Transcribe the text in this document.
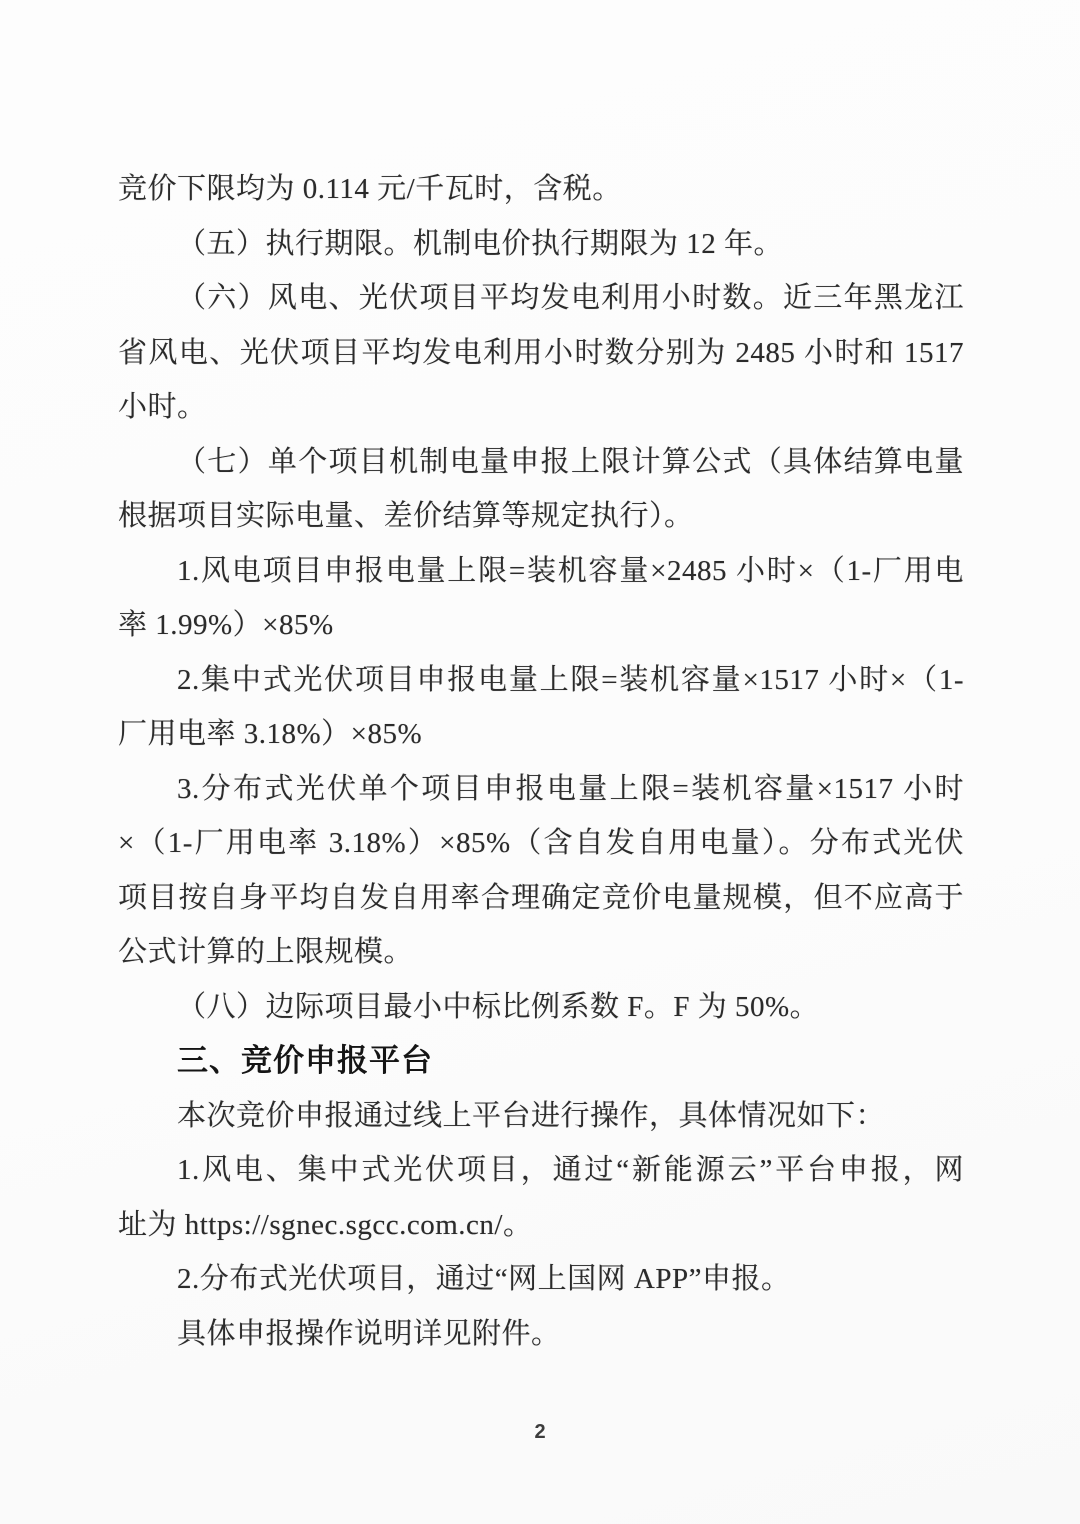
竞价下限均为 0.114 元/千瓦时，含税。
（五）执行期限。机制电价执行期限为 12 年。
（六）风电、光伏项目平均发电利用小时数。近三年黑龙江
省风电、光伏项目平均发电利用小时数分别为 2485 小时和 1517
小时。
（七）单个项目机制电量申报上限计算公式（具体结算电量
根据项目实际电量、差价结算等规定执行）。
1.风电项目申报电量上限=装机容量×2485 小时×（1-厂用电
率 1.99%）×85%
2.集中式光伏项目申报电量上限=装机容量×1517 小时×（1-
厂用电率 3.18%）×85%
3.分布式光伏单个项目申报电量上限=装机容量×1517 小时
×（1-厂用电率 3.18%）×85%（含自发自用电量）。分布式光伏
项目按自身平均自发自用率合理确定竞价电量规模，但不应高于
公式计算的上限规模。
（八）边际项目最小中标比例系数 F。F 为 50%。
三、竞价申报平台
本次竞价申报通过线上平台进行操作，具体情况如下：
1.风电、集中式光伏项目，通过“新能源云”平台申报，网
址为 https://sgnec.sgcc.com.cn/。
2.分布式光伏项目，通过“网上国网 APP”申报。
具体申报操作说明详见附件。
2
